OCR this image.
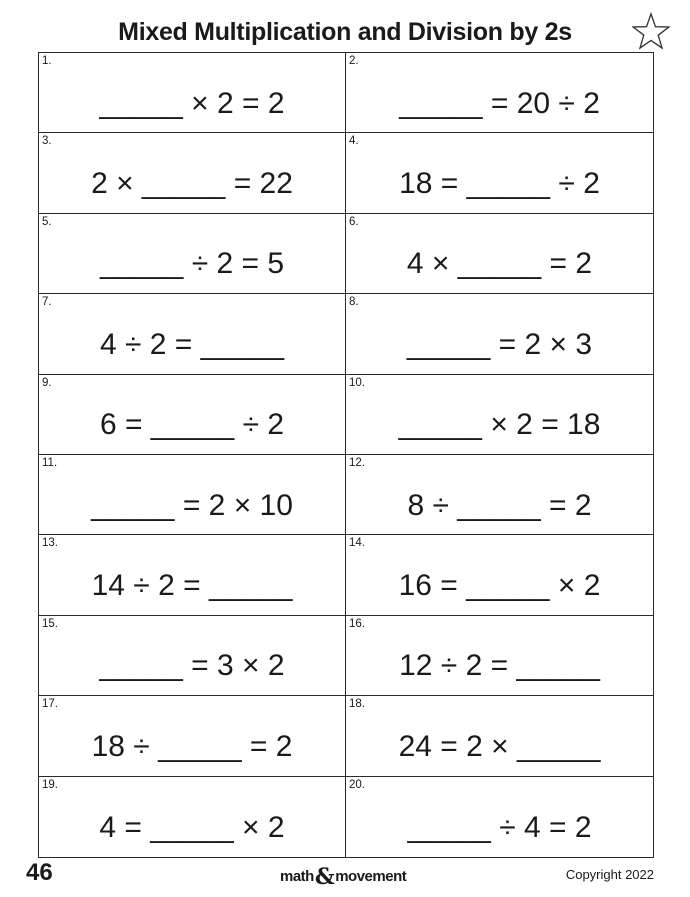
Mixed Multiplication and Division by 2s
1.
_____ × 2 = 2
2.
_____ = 20 ÷ 2
3.
2 × _____ = 22
4.
18 = _____ ÷ 2
5.
_____ ÷ 2 = 5
6.
4 × _____ = 2
7.
4 ÷ 2 = _____
8.
_____ = 2 × 3
9.
6 = _____ ÷ 2
10.
_____ × 2 = 18
11.
_____ = 2 × 10
12.
8 ÷ _____ = 2
13.
14 ÷ 2 = _____
14.
16 = _____ × 2
15.
_____ = 3 × 2
16.
12 ÷ 2 = _____
17.
18 ÷ _____ = 2
18.
24 = 2 × _____
19.
4 = _____ × 2
20.
_____ ÷ 4 = 2
46	math&movement	Copyright 2022
